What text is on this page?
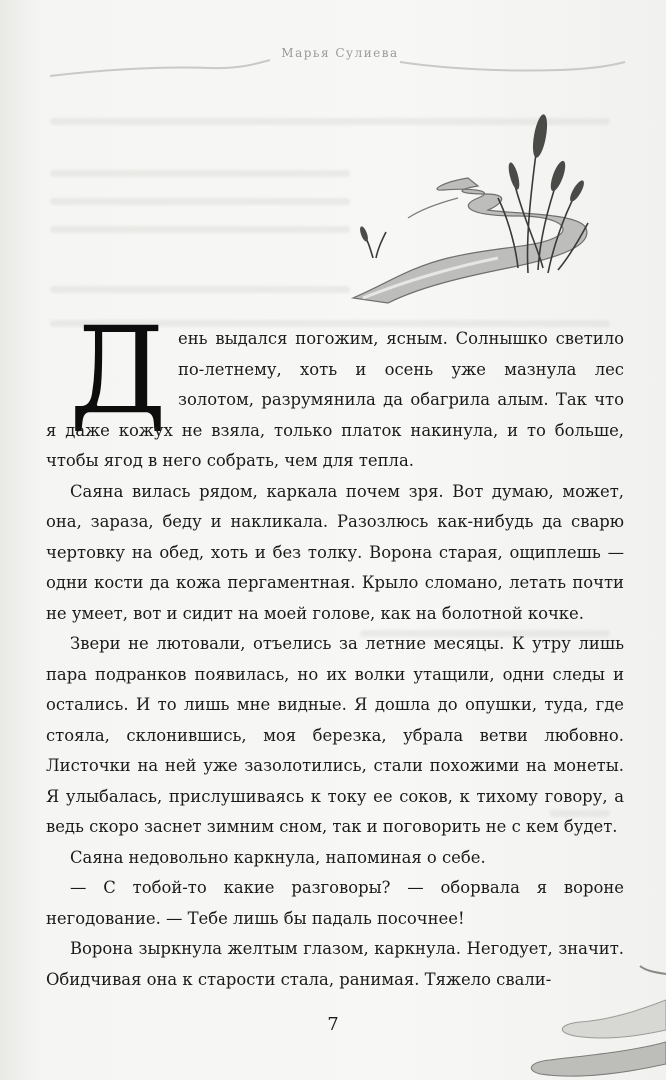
Марья Сулиева
Д ень выдался погожим, ясным. Солнышко светило по-летнему, хоть и осень уже мазнула лес золотом, разрумянила да обагрила алым. Так что я даже кожух не взяла, только платок накинула, и то больше, чтобы ягод в него собрать, чем для тепла.

Саяна вилась рядом, каркала почем зря. Вот думаю, может, она, зараза, беду и накликала. Разозлюсь как-нибудь да сварю чертовку на обед, хоть и без толку. Ворона старая, ощиплешь — одни кости да кожа пергаментная. Крыло сломано, летать почти не умеет, вот и сидит на моей голове, как на болотной кочке.

Звери не лютовали, отъелись за летние месяцы. К утру лишь пара подранков появилась, но их волки утащили, одни следы и остались. И то лишь мне видные. Я дошла до опушки, туда, где стояла, склонившись, моя березка, убрала ветви любовно. Листочки на ней уже зазолотились, стали похожими на монеты. Я улыбалась, прислушиваясь к току ее соков, к тихому говору, а ведь скоро заснет зимним сном, так и поговорить не с кем будет.

Саяна недовольно каркнула, напоминая о себе.

— С тобой-то какие разговоры? — оборвала я вороне негодование. — Тебе лишь бы падаль посочнее!

Ворона зыркнула желтым глазом, каркнула. Негодует, значит. Обидчивая она к старости стала, ранимая. Тяжело свали-

7
